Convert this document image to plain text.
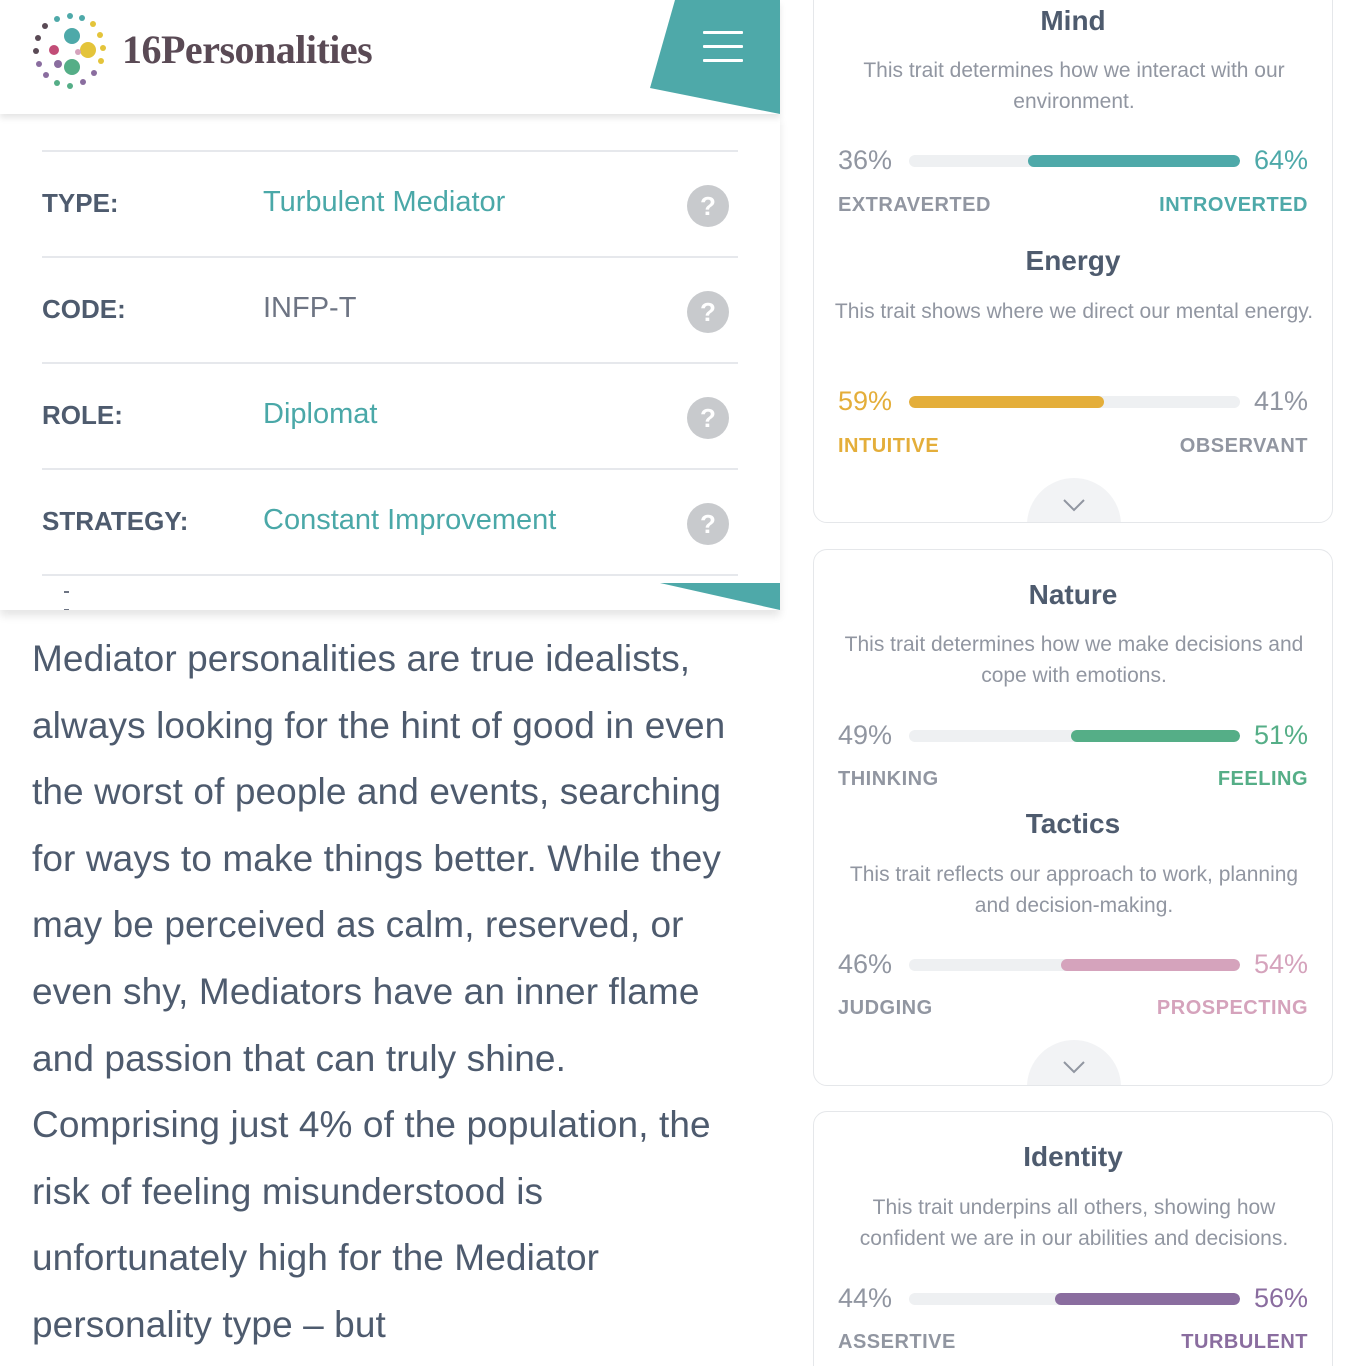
16Personalities
TYPE:	Turbulent Mediator	?
CODE:	INFP-T	?
ROLE:	Diplomat	?
STRATEGY:	Constant Improvement	?

Mediator personalities are true idealists, always looking for the hint of good in even the worst of people and events, searching for ways to make things better. While they may be perceived as calm, reserved, or even shy, Mediators have an inner flame and passion that can truly shine. Comprising just 4% of the population, the risk of feeling misunderstood is unfortunately high for the Mediator personality type – but

Mind
This trait determines how we interact with our environment.
36%	64%
EXTRAVERTED	INTROVERTED
Energy
This trait shows where we direct our mental energy.
59%	41%
INTUITIVE	OBSERVANT
Nature
This trait determines how we make decisions and cope with emotions.
49%	51%
THINKING	FEELING
Tactics
This trait reflects our approach to work, planning and decision-making.
46%	54%
JUDGING	PROSPECTING
Identity
This trait underpins all others, showing how confident we are in our abilities and decisions.
44%	56%
ASSERTIVE	TURBULENT
